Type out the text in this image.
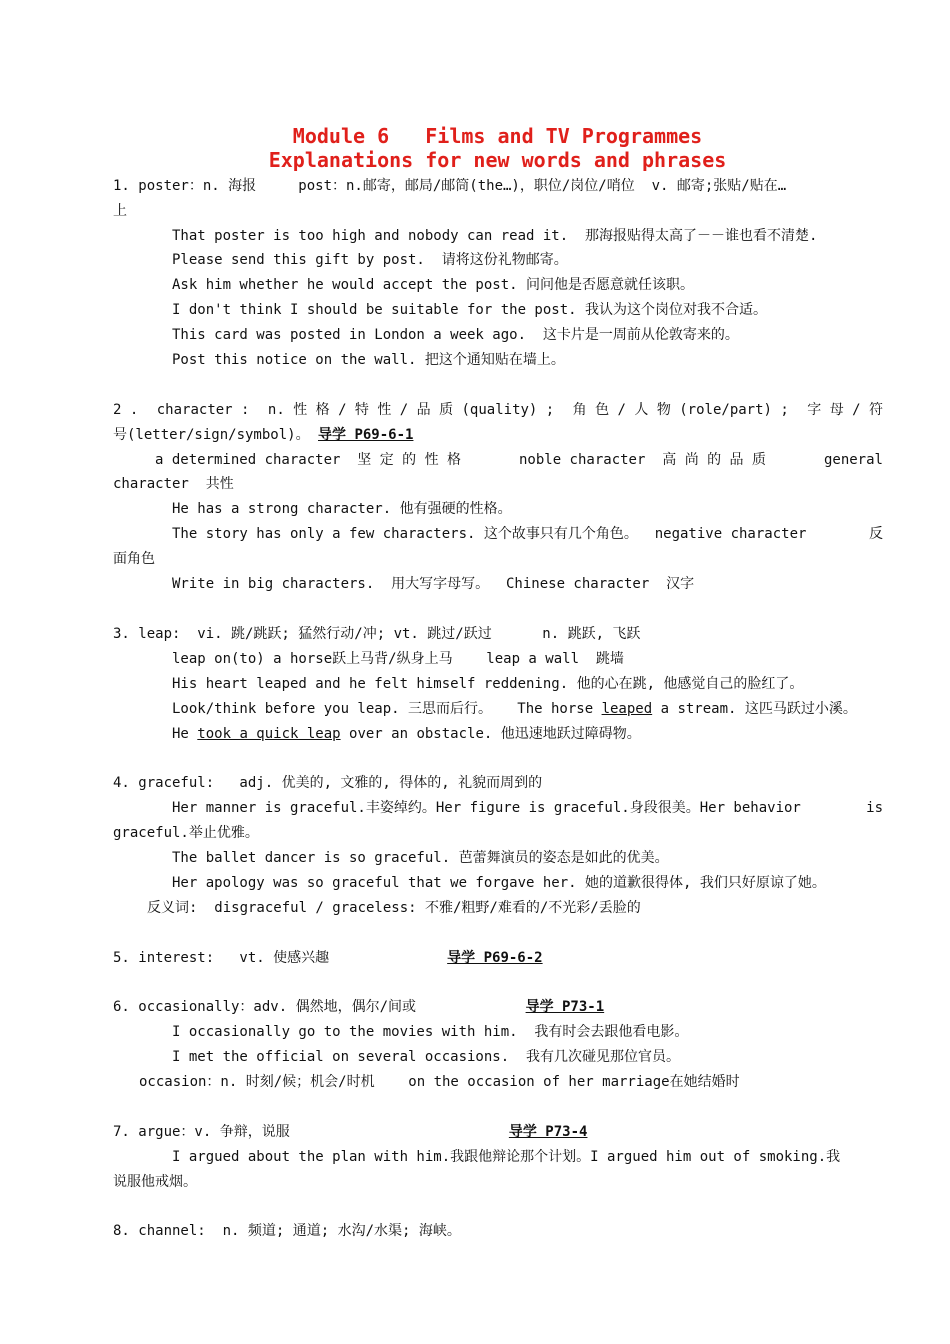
Module 6   Films and TV Programmes
Explanations for new words and phrases
1. poster：n. 海报     post：n.邮寄，邮局/邮筒(the…)，职位/岗位/哨位  v. 邮寄;张贴/贴在…
上
That poster is too high and nobody can read it.  那海报贴得太高了－－谁也看不清楚.
Please send this gift by post.  请将这份礼物邮寄。
Ask him whether he would accept the post. 问问他是否愿意就任该职。
I don't think I should be suitable for the post. 我认为这个岗位对我不合适。
This card was posted in London a week ago.  这卡片是一周前从伦敦寄来的。
Post this notice on the wall. 把这个通知贴在墙上。
2 . character : n. 性 格 / 特 性 / 品 质 (quality) ; 角 色 / 人 物 (role/part) ; 字 母 / 符
号(letter/sign/symbol)。 导学 P69-6-1
a determined character  坚 定 的 性 格	noble character  高 尚 的 品 质	general
character  共性
He has a strong character. 他有强硬的性格。
The story has only a few characters. 这个故事只有几个角色。  negative character	反
面角色
Write in big characters.  用大写字母写。  Chinese character  汉字
3. leap:  vi. 跳/跳跃; 猛然行动/冲; vt. 跳过/跃过      n. 跳跃, 飞跃
leap on(to) a horse跃上马背/纵身上马    leap a wall  跳墙
His heart leaped and he felt himself reddening. 他的心在跳, 他感觉自己的脸红了。
Look/think before you leap. 三思而后行。   The horse leaped a stream. 这匹马跃过小溪。
He took a quick leap over an obstacle. 他迅速地跃过障碍物。
4. graceful:   adj. 优美的, 文雅的, 得体的, 礼貌而周到的
Her manner is graceful.丰姿绰约。Her figure is graceful.身段很美。Her behavior	is
graceful.举止优雅。
The ballet dancer is so graceful. 芭蕾舞演员的姿态是如此的优美。
Her apology was so graceful that we forgave her. 她的道歉很得体, 我们只好原谅了她。
反义词:  disgraceful / graceless: 不雅/粗野/难看的/不光彩/丢脸的
5. interest:   vt. 使感兴趣              导学 P69-6-2
6. occasionally：adv. 偶然地，偶尔/间或             导学 P73-1
I occasionally go to the movies with him.  我有时会去跟他看电影。
I met the official on several occasions.  我有几次碰见那位官员。
occasion：n. 时刻/候；机会/时机    on the occasion of her marriage在她结婚时
7. argue：v. 争辩，说服                          导学 P73-4
I argued about the plan with him.我跟他辩论那个计划。I argued him out of smoking.我
说服他戒烟。
8. channel:  n. 频道; 通道; 水沟/水渠; 海峡。
